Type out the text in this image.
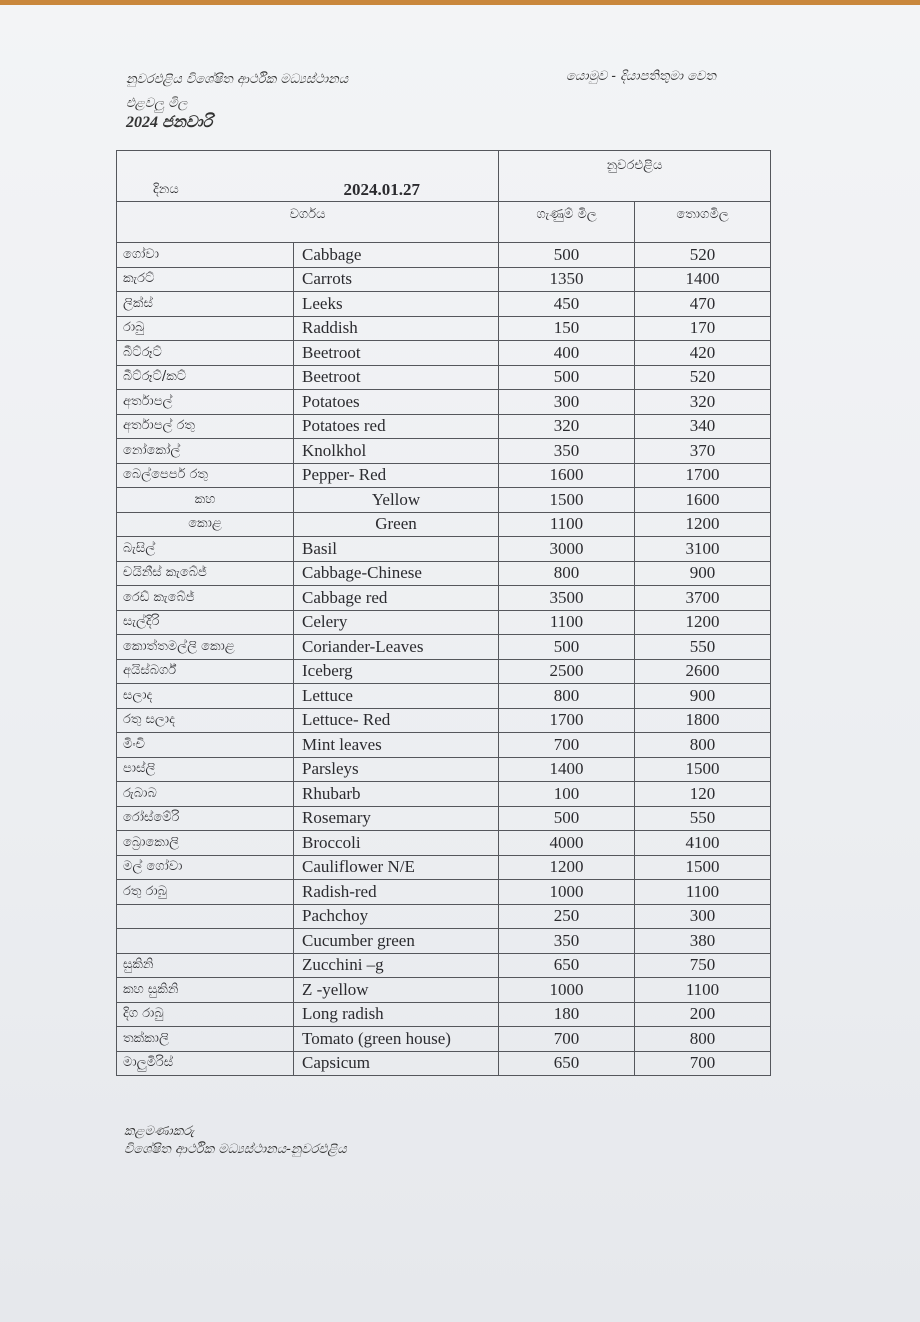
නුවරඑළිය විශේෂිත ආර්ථික මධ්‍යස්ථානය
එළවලු මිල
2024 ජනවාරි
යොමුව - දියාපතිතුමා වෙත
දිනය	2024.01.27	නුවරඑළිය	
වර්ගය		ගැණුම් මිල	තොගමිල
ගෝවා	Cabbage	500	520
කැරට්	Carrots	1350	1400
ලික්ස්	Leeks	450	470
රාබු	Raddish	150	170
බීට්රූට්	Beetroot	400	420
බීට්රූට්/කට්	Beetroot	500	520
අර්තාපල්	Potatoes	300	320
අර්තාපල් රතු	Potatoes red	320	340
නෝකෝල්	Knolkhol	350	370
බෙල්පෙපර් රතු	Pepper- Red	1600	1700
කහ	Yellow	1500	1600
කොළ	Green	1100	1200
බැසිල්	Basil	3000	3100
චයිනීස් කැබේජ්	Cabbage-Chinese	800	900
රෙඩ් කැබේජ්	Cabbage red	3500	3700
සැල්දිරි	Celery	1100	1200
කොත්තමල්ලි කොළ	Coriander-Leaves	500	550
අයිස්බර්ග්	Iceberg	2500	2600
සලාද	Lettuce	800	900
රතු සලාද	Lettuce- Red	1700	1800
මිංචි	Mint leaves	700	800
පාස්ලි	Parsleys	1400	1500
රුබාබ	Rhubarb	100	120
රෝස්මේරි	Rosemary	500	550
බ්‍රොකොලි	Broccoli	4000	4100
මල් ගෝවා	Cauliflower N/E	1200	1500
රතු රාබු	Radish-red	1000	1100
	Pachchoy	250	300
	Cucumber green	350	380
සුකිනි	Zucchini –g	650	750
කහ සුකිනි	Z -yellow	1000	1100
දිග රාබු	Long radish	180	200
තක්කාලි	Tomato (green house)	700	800
මාලුමිරිස්	Capsicum	650	700
කළමණාකරු
විශේෂිත ආර්ථික මධ්‍යස්ථානය-නුවරඑළිය
